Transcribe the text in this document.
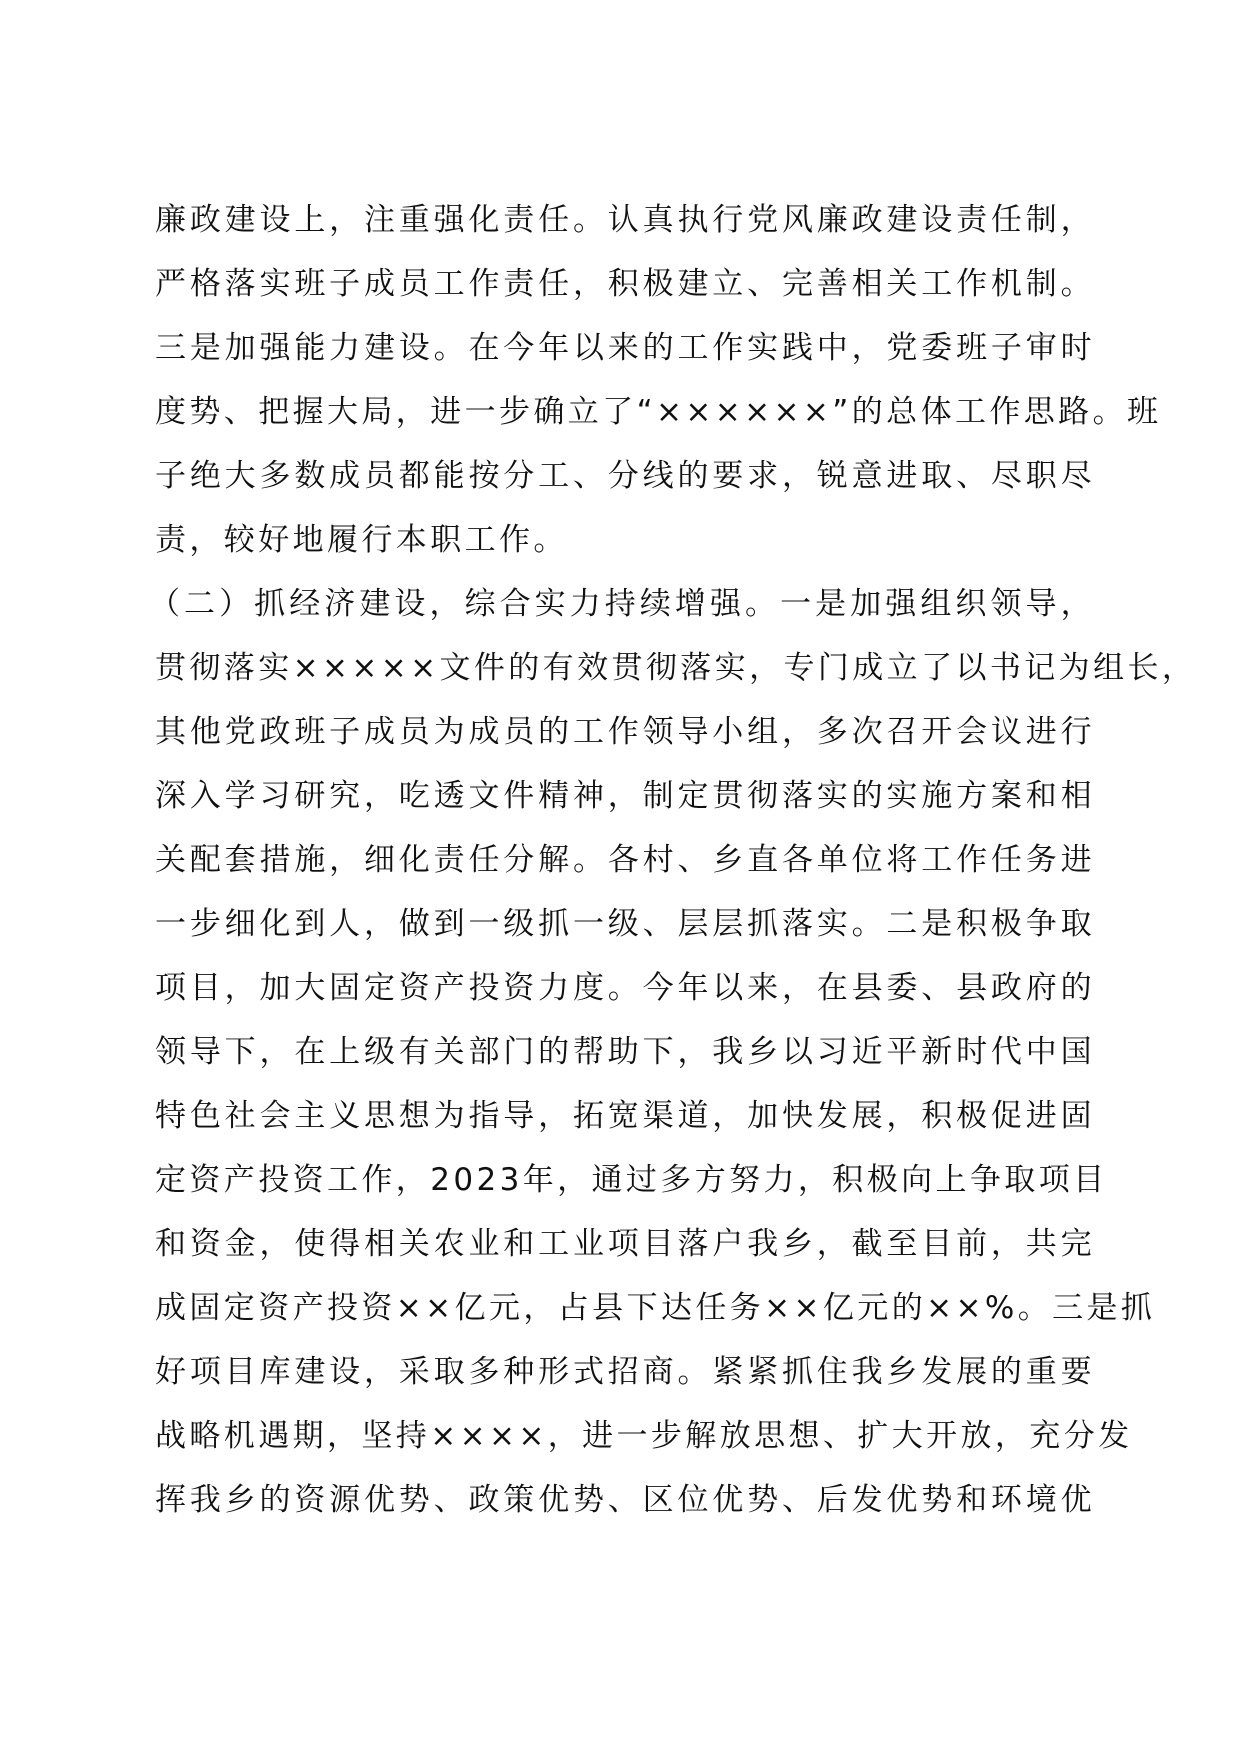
廉政建设上，注重强化责任。认真执行党风廉政建设责任制，
严格落实班子成员工作责任，积极建立、完善相关工作机制。
三是加强能力建设。在今年以来的工作实践中，党委班子审时
度势、把握大局，进一步确立了“××××××”的总体工作思路。班
子绝大多数成员都能按分工、分线的要求，锐意进取、尽职尽
责，较好地履行本职工作。
（二）抓经济建设，综合实力持续增强。一是加强组织领导，
贯彻落实×××××文件的有效贯彻落实，专门成立了以书记为组长，
其他党政班子成员为成员的工作领导小组，多次召开会议进行
深入学习研究，吃透文件精神，制定贯彻落实的实施方案和相
关配套措施，细化责任分解。各村、乡直各单位将工作任务进
一步细化到人，做到一级抓一级、层层抓落实。二是积极争取
项目，加大固定资产投资力度。今年以来，在县委、县政府的
领导下，在上级有关部门的帮助下，我乡以习近平新时代中国
特色社会主义思想为指导，拓宽渠道，加快发展，积极促进固
定资产投资工作，2023年，通过多方努力，积极向上争取项目
和资金，使得相关农业和工业项目落户我乡，截至目前，共完
成固定资产投资××亿元，占县下达任务××亿元的××%。三是抓
好项目库建设，采取多种形式招商。紧紧抓住我乡发展的重要
战略机遇期，坚持××××，进一步解放思想、扩大开放，充分发
挥我乡的资源优势、政策优势、区位优势、后发优势和环境优
